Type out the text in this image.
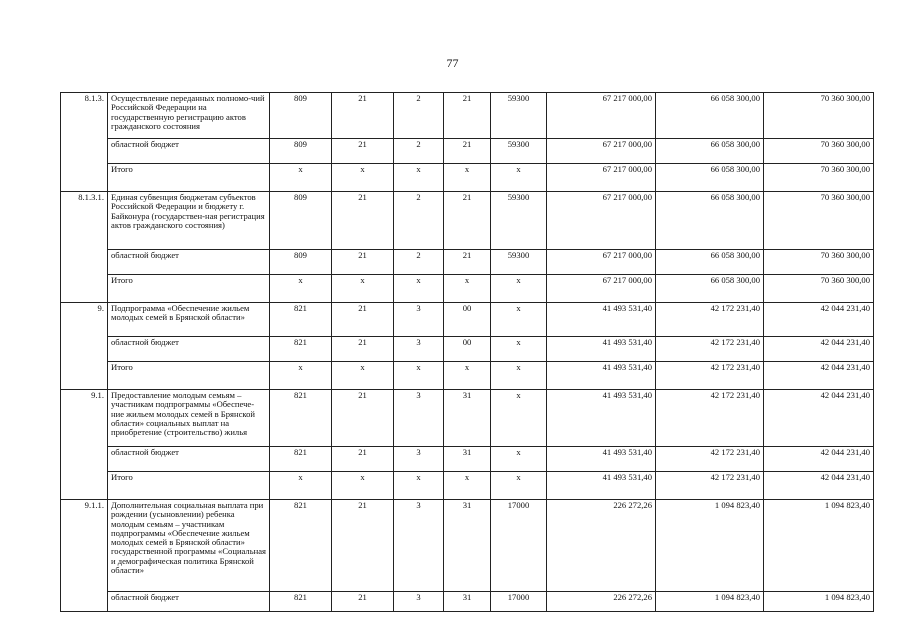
77
8.1.3.	Осуществление переданных полномо-чий Российской Федерации на государственную регистрацию актов гражданского состояния	809	21	2	21	59300	67 217 000,00	66 058 300,00	70 360 300,00
	областной бюджет	809	21	2	21	59300	67 217 000,00	66 058 300,00	70 360 300,00
	Итого	x	x	x	x	x	67 217 000,00	66 058 300,00	70 360 300,00
8.1.3.1.	Единая субвенция бюджетам субъектов Российской Федерации и бюджету г. Байконура (государствен-ная регистрация актов гражданского состояния)	809	21	2	21	59300	67 217 000,00	66 058 300,00	70 360 300,00
	областной бюджет	809	21	2	21	59300	67 217 000,00	66 058 300,00	70 360 300,00
	Итого	x	x	x	x	x	67 217 000,00	66 058 300,00	70 360 300,00
9.	Подпрограмма «Обеспечение жильем молодых семей в Брянской области»	821	21	3	00	x	41 493 531,40	42 172 231,40	42 044 231,40
	областной бюджет	821	21	3	00	x	41 493 531,40	42 172 231,40	42 044 231,40
	Итого	x	x	x	x	x	41 493 531,40	42 172 231,40	42 044 231,40
9.1.	Предоставление молодым семьям – участникам подпрограммы «Обеспече-ние жильем молодых семей в Брянской области» социальных выплат на приобретение (строительство) жилья	821	21	3	31	x	41 493 531,40	42 172 231,40	42 044 231,40
	областной бюджет	821	21	3	31	x	41 493 531,40	42 172 231,40	42 044 231,40
	Итого	x	x	x	x	x	41 493 531,40	42 172 231,40	42 044 231,40
9.1.1.	Дополнительная социальная выплата при рождении (усыновлении) ребенка молодым семьям – участникам подпрограммы «Обеспечение жильем молодых семей в Брянской области» государственной программы «Социальная и демографическая политика Брянской области»	821	21	3	31	17000	226 272,26	1 094 823,40	1 094 823,40
	областной бюджет	821	21	3	31	17000	226 272,26	1 094 823,40	1 094 823,40
